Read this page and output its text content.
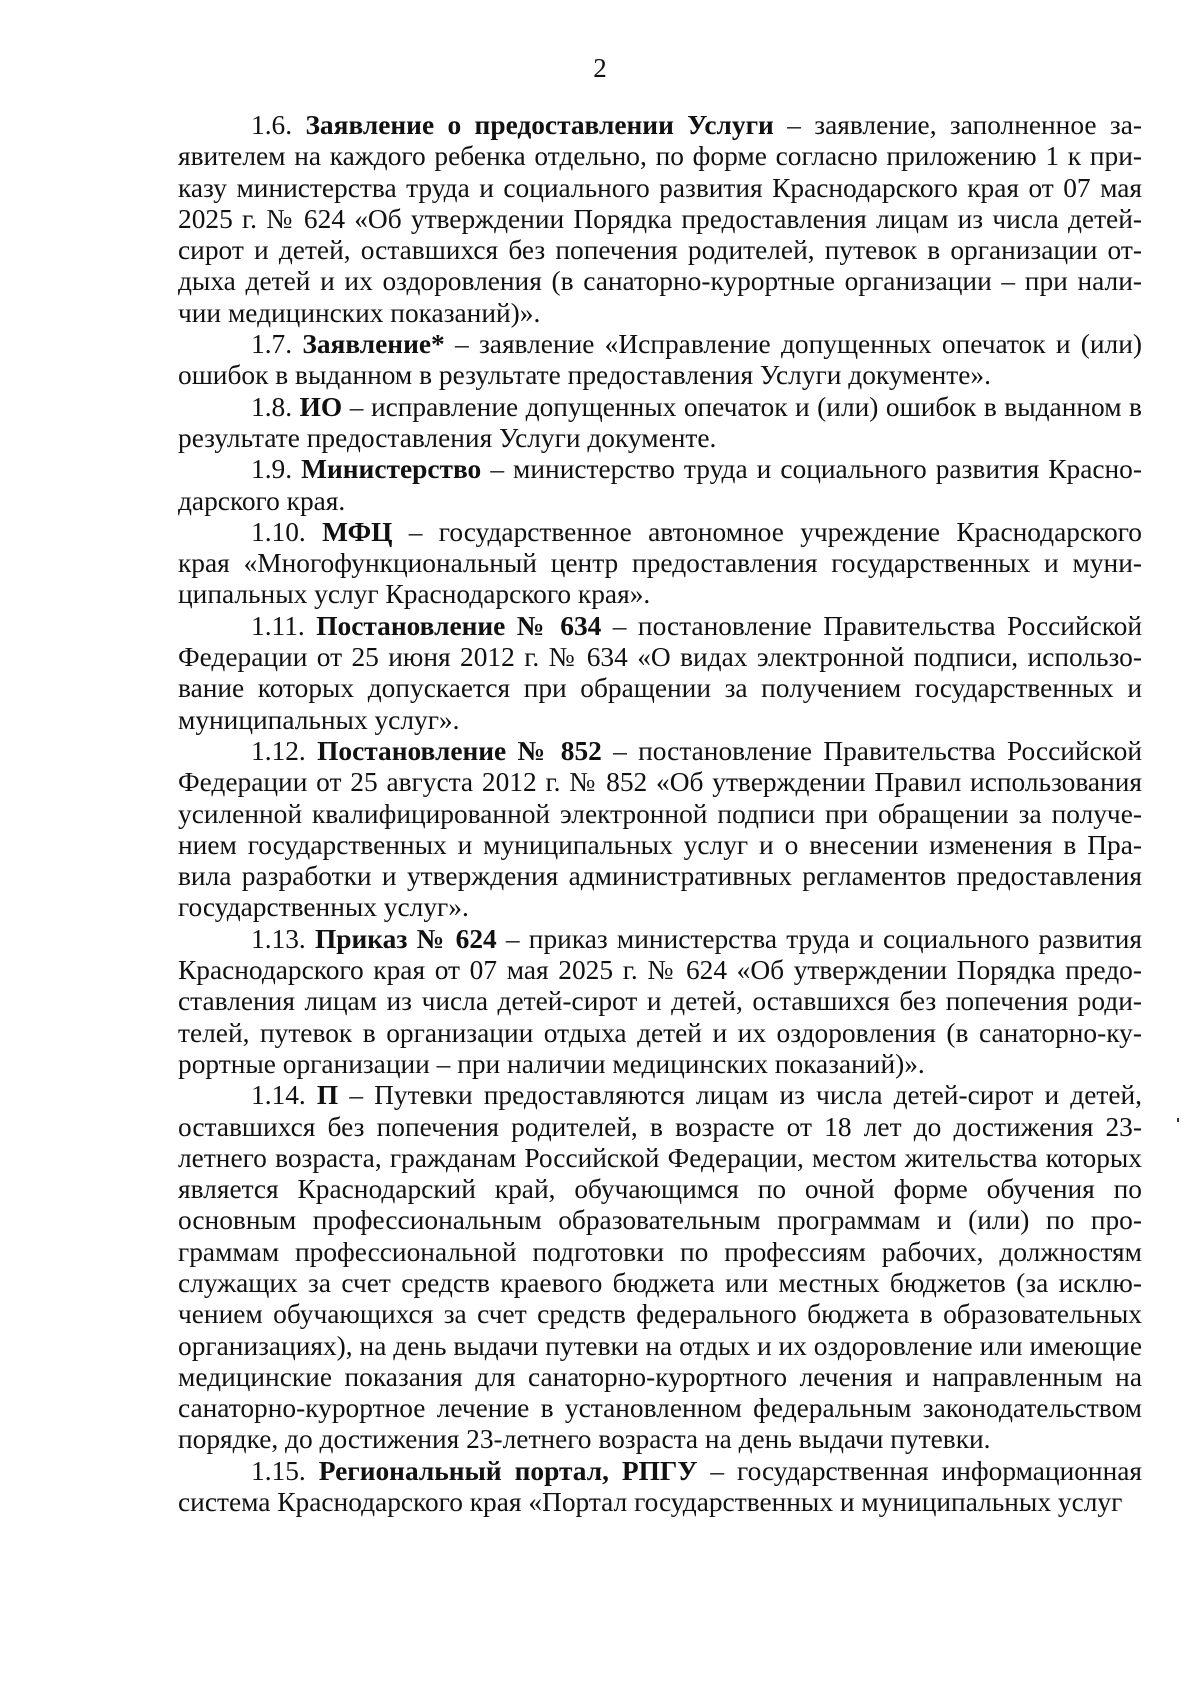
2

1.6. Заявление о предоставлении Услуги – заявление, заполненное заявителем на каждого ребенка отдельно, по форме согласно приложению 1 к приказу министерства труда и социального развития Краснодарского края от 07 мая 2025 г. № 624 «Об утверждении Порядка предоставления лицам из числа детей-сирот и детей, оставшихся без попечения родителей, путевок в организации отдыха детей и их оздоровления (в санаторно-курортные организации – при наличии медицинских показаний)».

1.7. Заявление* – заявление «Исправление допущенных опечаток и (или) ошибок в выданном в результате предоставления Услуги документе».

1.8. ИО – исправление допущенных опечаток и (или) ошибок в выданном в результате предоставления Услуги документе.

1.9. Министерство – министерство труда и социального развития Краснодарского края.

1.10. МФЦ – государственное автономное учреждение Краснодарского края «Многофункциональный центр предоставления государственных и муниципальных услуг Краснодарского края».

1.11. Постановление № 634 – постановление Правительства Российской Федерации от 25 июня 2012 г. № 634 «О видах электронной подписи, использование которых допускается при обращении за получением государственных и муниципальных услуг».

1.12. Постановление № 852 – постановление Правительства Российской Федерации от 25 августа 2012 г. № 852 «Об утверждении Правил использования усиленной квалифицированной электронной подписи при обращении за получением государственных и муниципальных услуг и о внесении изменения в Правила разработки и утверждения административных регламентов предоставления государственных услуг».

1.13. Приказ № 624 – приказ министерства труда и социального развития Краснодарского края от 07 мая 2025 г. № 624 «Об утверждении Порядка предоставления лицам из числа детей-сирот и детей, оставшихся без попечения родителей, путевок в организации отдыха детей и их оздоровления (в санаторно-курортные организации – при наличии медицинских показаний)».

1.14. П – Путевки предоставляются лицам из числа детей-сирот и детей, оставшихся без попечения родителей, в возрасте от 18 лет до достижения 23-летнего возраста, гражданам Российской Федерации, местом жительства которых является Краснодарский край, обучающимся по очной форме обучения по основным профессиональным образовательным программам и (или) по программам профессиональной подготовки по профессиям рабочих, должностям служащих за счет средств краевого бюджета или местных бюджетов (за исключением обучающихся за счет средств федерального бюджета в образовательных организациях), на день выдачи путевки на отдых и их оздоровление или имеющие медицинские показания для санаторно-курортного лечения и направленным на санаторно-курортное лечение в установленном федеральным законодательством порядке, до достижения 23-летнего возраста на день выдачи путевки.

1.15. Региональный портал, РПГУ – государственная информационная система Краснодарского края «Портал государственных и муниципальных услуг
